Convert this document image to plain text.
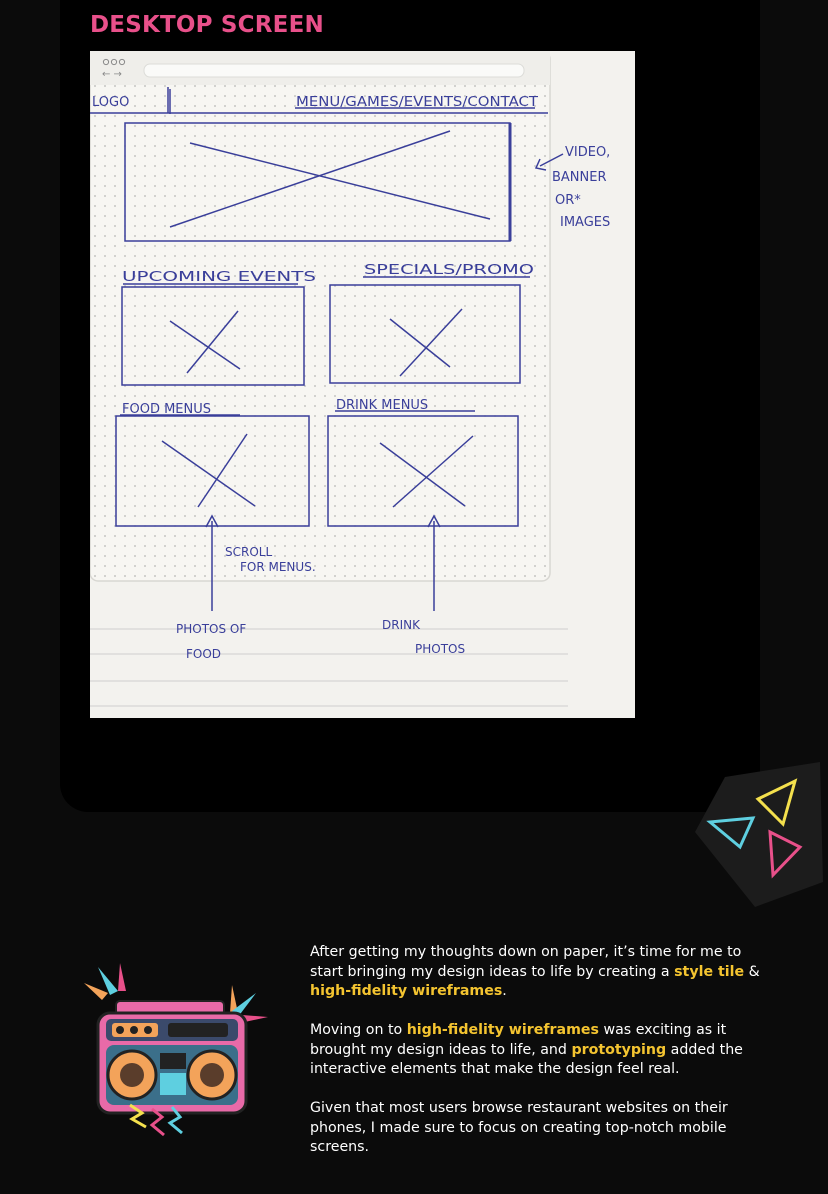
DESKTOP SCREEN
← →
LOGO	MENU/GAMES/EVENTS/CONTACT
VIDEO,
BANNER
OR*
IMAGES
UPCOMING EVENTS	SPECIALS/PROMO
FOOD MENUS	DRINK MENUS
SCROLL
FOR MENUS.
PHOTOS OF
FOOD
DRINK
PHOTOS

After getting my thoughts down on paper, it’s time for me to start bringing my design ideas to life by creating a style tile & high-fidelity wireframes.

Moving on to high-fidelity wireframes was exciting as it brought my design ideas to life, and prototyping added the interactive elements that make the design feel real.

Given that most users browse restaurant websites on their phones, I made sure to focus on creating top-notch mobile screens.
